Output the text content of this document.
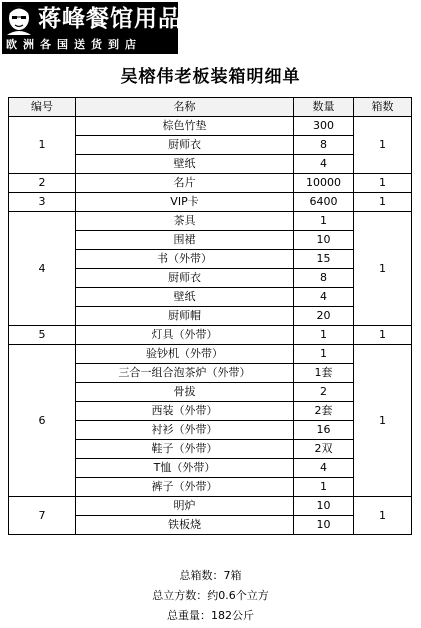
蒋峰餐馆用品
欧洲各国送货到店
吴榕伟老板装箱明细单
编号	名称	数量	箱数
1	棕色竹垫	300	1
	厨师衣	8	
	壁纸	4	
2	名片	10000	1
3	VIP卡	6400	1
4	茶具	1	1
	围裙	10	
	书（外带）	15	
	厨师衣	8	
	壁纸	4	
	厨师帽	20	
5	灯具（外带）	1	1
6	验钞机（外带）	1	1
	三合一组合泡茶炉（外带）	1套	
	骨拔	2	
	西装（外带）	2套	
	衬衫（外带）	16	
	鞋子（外带）	2双	
	T恤（外带）	4	
	裤子（外带）	1	
7	明炉	10	1
	铁板烧	10	
总箱数：7箱
总立方数：约0.6个立方
总重量：182公斤
